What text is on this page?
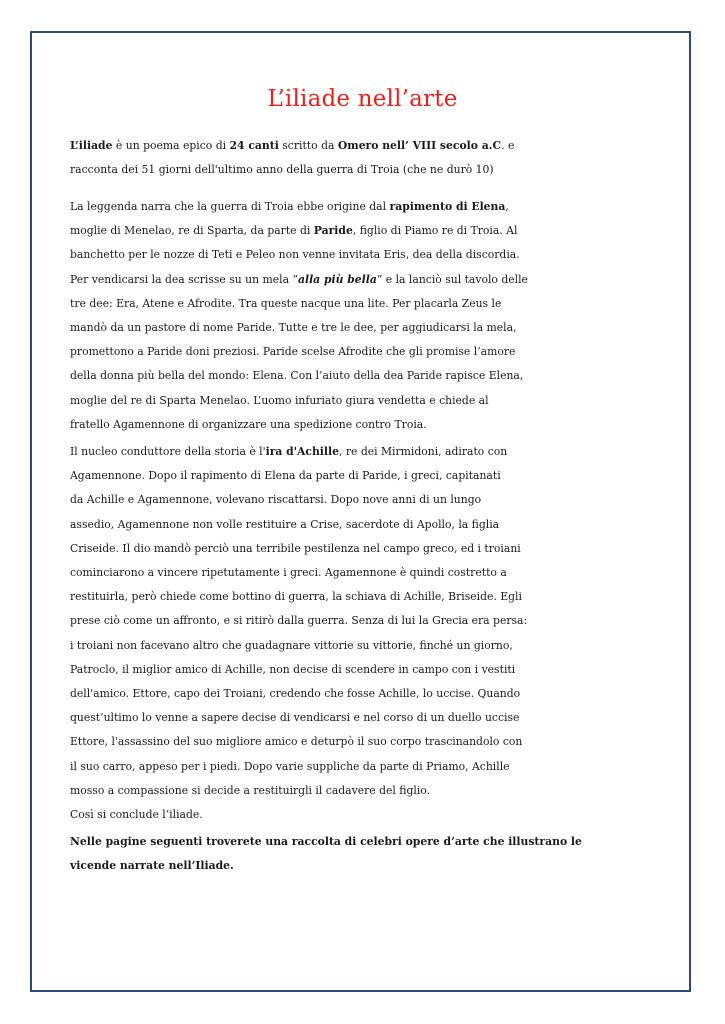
L’iliade nell’arte
L’iliade è un poema epico di 24 canti scritto da Omero nell’ VIII secolo a.C. e
racconta dei 51 giorni dell'ultimo anno della guerra di Troia (che ne durò 10)
La leggenda narra che la guerra di Troia ebbe origine dal rapimento di Elena,
moglie di Menelao, re di Sparta, da parte di Paride, figlio di Piamo re di Troia. Al
banchetto per le nozze di Teti e Peleo non venne invitata Eris, dea della discordia.
Per vendicarsi la dea scrisse su un mela “alla più bella” e la lanciò sul tavolo delle
tre dee: Era, Atene e Afrodite. Tra queste nacque una lite. Per placarla Zeus le
mandò da un pastore di nome Paride. Tutte e tre le dee, per aggiudicarsi la mela,
promettono a Paride doni preziosi. Paride scelse Afrodite che gli promise l’amore
della donna più bella del mondo: Elena. Con l’aiuto della dea Paride rapisce Elena,
moglie del re di Sparta Menelao. L’uomo infuriato giura vendetta e chiede al
fratello Agamennone di organizzare una spedizione contro Troia.
Il nucleo conduttore della storia è l'ira d'Achille, re dei Mirmidoni, adirato con
Agamennone. Dopo il rapimento di Elena da parte di Paride, i greci, capitanati
da Achille e Agamennone, volevano riscattarsi. Dopo nove anni di un lungo
assedio, Agamennone non volle restituire a Crise, sacerdote di Apollo, la figlia
Criseide. Il dio mandò perciò una terribile pestilenza nel campo greco, ed i troiani
cominciarono a vincere ripetutamente i greci. Agamennone è quindi costretto a
restituirla, però chiede come bottino di guerra, la schiava di Achille, Briseide. Egli
prese ciò come un affronto, e si ritirò dalla guerra. Senza di lui la Grecia era persa:
i troiani non facevano altro che guadagnare vittorie su vittorie, finché un giorno,
Patroclo, il miglior amico di Achille, non decise di scendere in campo con i vestiti
dell'amico. Ettore, capo dei Troiani, credendo che fosse Achille, lo uccise. Quando
quest’ultimo lo venne a sapere decise di vendicarsi e nel corso di un duello uccise
Ettore, l'assassino del suo migliore amico e deturpò il suo corpo trascinandolo con
il suo carro, appeso per i piedi. Dopo varie suppliche da parte di Priamo, Achille
mosso a compassione si decide a restituirgli il cadavere del figlio.
Così si conclude l’iliade.
Nelle pagine seguenti troverete una raccolta di celebri opere d’arte che illustrano le
vicende narrate nell’Iliade.
